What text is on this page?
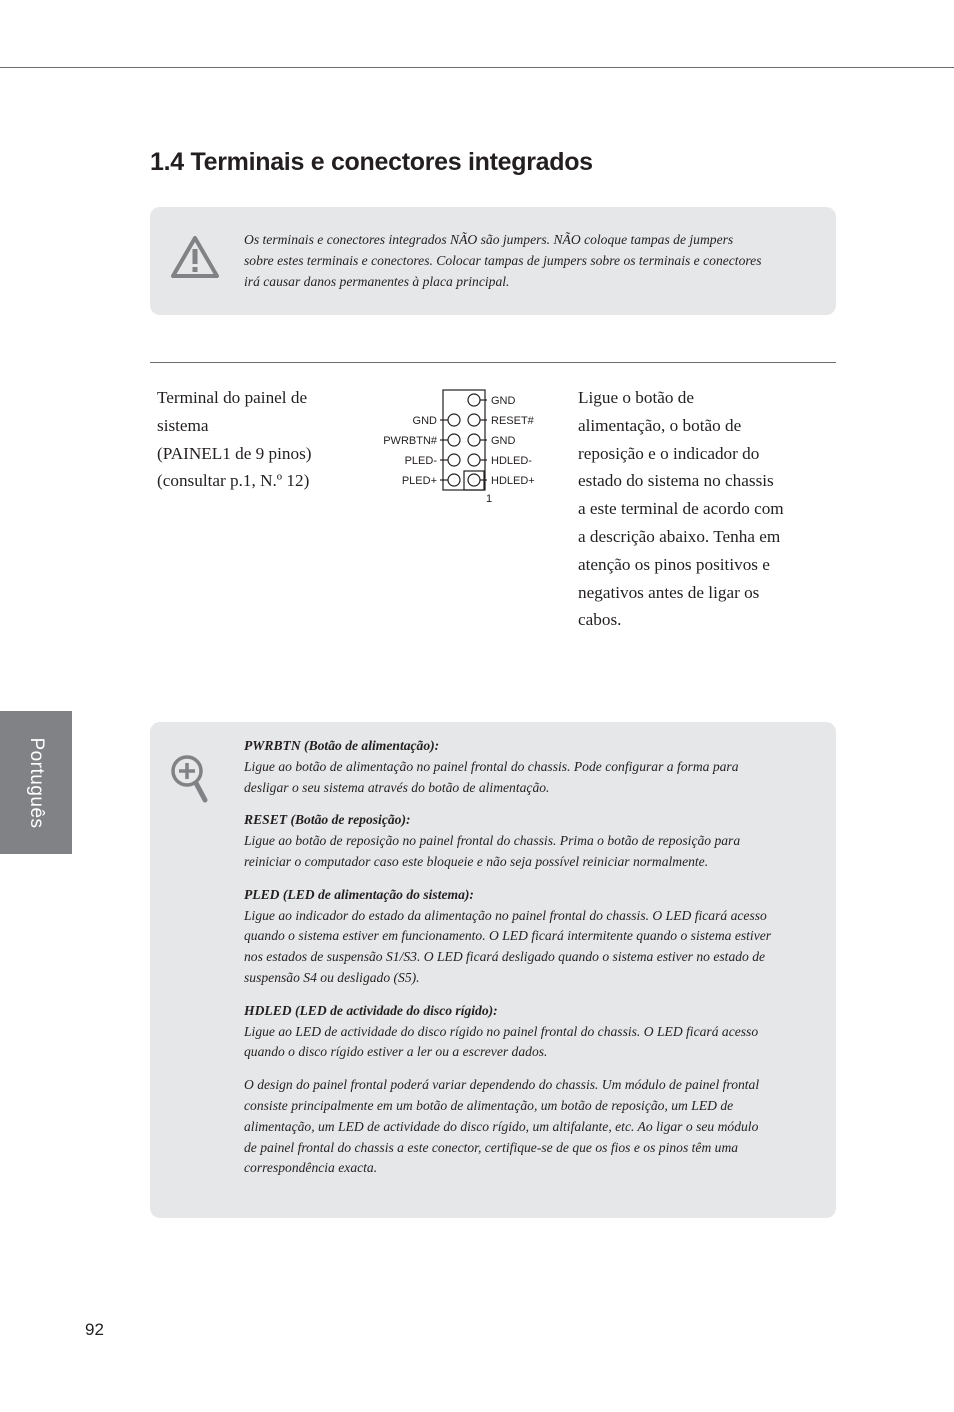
1.4 Terminais e conectores integrados

Os terminais e conectores integrados NÃO são jumpers. NÃO coloque tampas de jumpers sobre estes terminais e conectores. Colocar tampas de jumpers sobre os terminais e conectores irá causar danos permanentes à placa principal.

Terminal do painel de
sistema
(PAINEL1 de 9 pinos)
(consultar p.1, N.º 12)
GND
PWRBTN#
PLED-
PLED+
GND
RESET#
GND
HDLED-
HDLED+
1

Ligue o botão de alimentação, o botão de reposição e o indicador do estado do sistema no chassis a este terminal de acordo com a descrição abaixo. Tenha em atenção os pinos positivos e negativos antes de ligar os cabos.

Português	PWRBTN (Botão de alimentação):
Ligue ao botão de alimentação no painel frontal do chassis. Pode configurar a forma para desligar o seu sistema através do botão de alimentação.
RESET (Botão de reposição):
Ligue ao botão de reposição no painel frontal do chassis. Prima o botão de reposição para reiniciar o computador caso este bloqueie e não seja possível reiniciar normalmente.
PLED (LED de alimentação do sistema):
Ligue ao indicador do estado da alimentação no painel frontal do chassis. O LED ficará acesso quando o sistema estiver em funcionamento. O LED ficará intermitente quando o sistema estiver nos estados de suspensão S1/S3. O LED ficará desligado quando o sistema estiver no estado de suspensão S4 ou desligado (S5).
HDLED (LED de actividade do disco rígido):
Ligue ao LED de actividade do disco rígido no painel frontal do chassis. O LED ficará acesso quando o disco rígido estiver a ler ou a escrever dados.
O design do painel frontal poderá variar dependendo do chassis. Um módulo de painel frontal consiste principalmente em um botão de alimentação, um botão de reposição, um LED de alimentação, um LED de actividade do disco rígido, um altifalante, etc. Ao ligar o seu módulo de painel frontal do chassis a este conector, certifique-se de que os fios e os pinos têm uma correspondência exacta.
92
